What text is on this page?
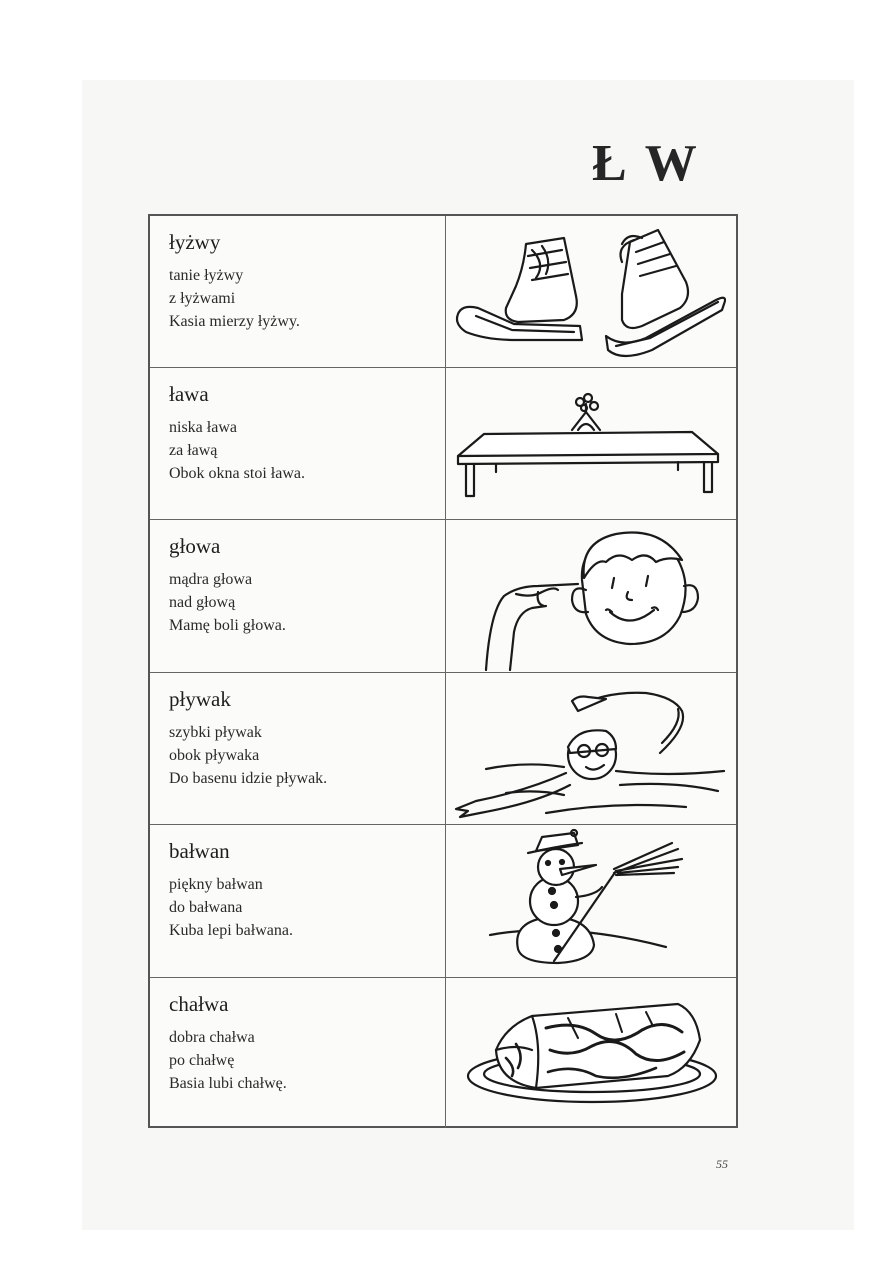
Ł W

łyżwy

tanie łyżwy

z łyżwami

Kasia mierzy łyżwy.

ława

niska ława

za ławą

Obok okna stoi ława.

głowa

mądra głowa

nad głową

Mamę boli głowa.

pływak

szybki pływak

obok pływaka

Do basenu idzie pływak.

bałwan

piękny bałwan

do bałwana

Kuba lepi bałwana.

chałwa

dobra chałwa

po chałwę

Basia lubi chałwę.

55
